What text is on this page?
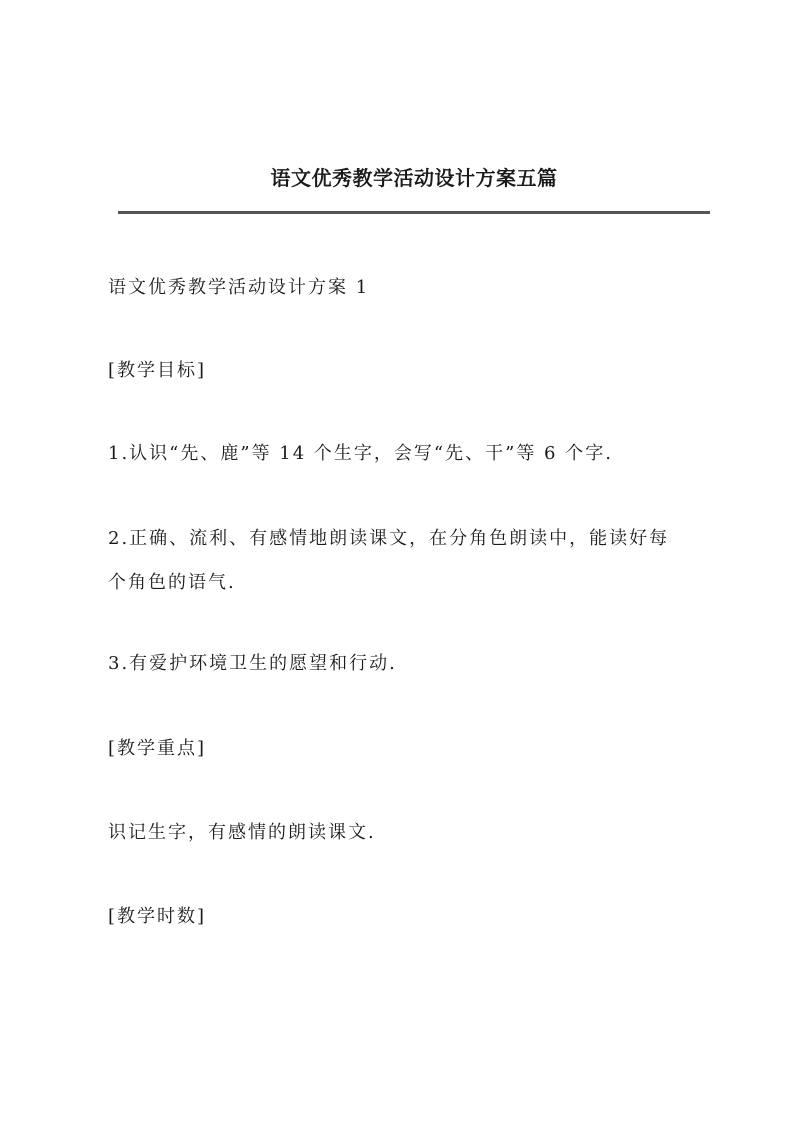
语文优秀教学活动设计方案五篇

语文优秀教学活动设计方案 1

[教学目标]

1.认识“先、鹿”等 14 个生字，会写“先、干”等 6 个字.

2.正确、流利、有感情地朗读课文，在分角色朗读中，能读好每

个角色的语气.

3.有爱护环境卫生的愿望和行动.

[教学重点]

识记生字，有感情的朗读课文.

[教学时数]
